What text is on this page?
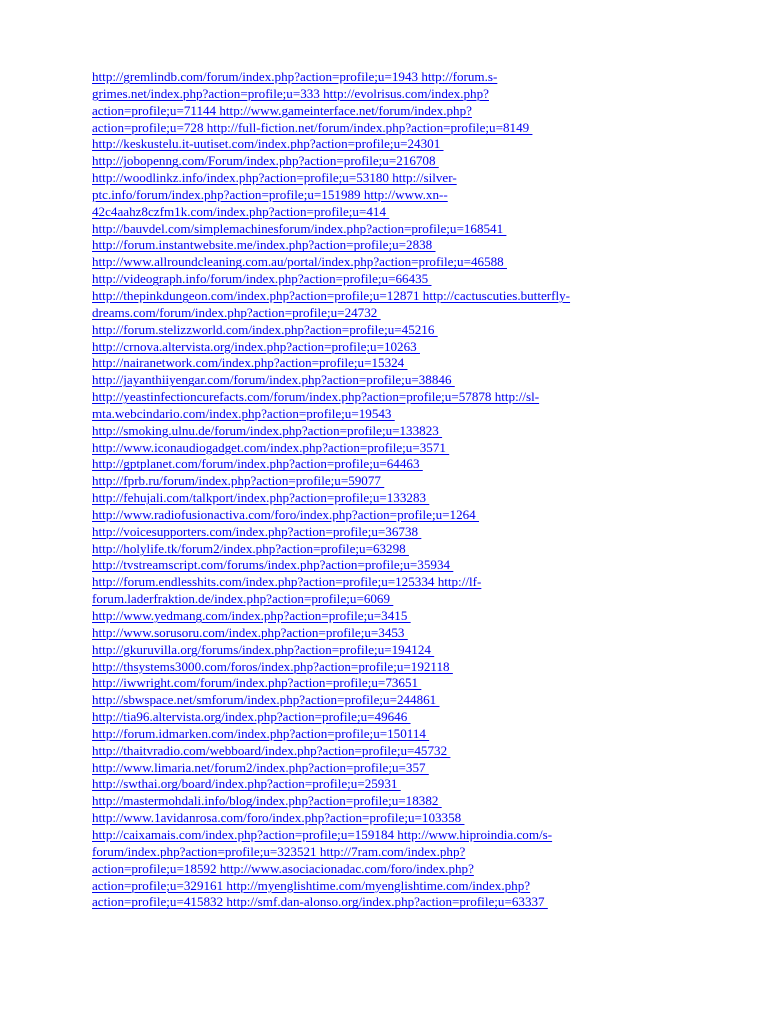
http://gremlindb.com/forum/index.php?action=profile;u=1943 http://forum.s-
grimes.net/index.php?action=profile;u=333 http://evolrisus.com/index.php?
action=profile;u=71144 http://www.gameinterface.net/forum/index.php?
action=profile;u=728 http://full-fiction.net/forum/index.php?action=profile;u=8149
http://keskustelu.it-uutiset.com/index.php?action=profile;u=24301
http://jobopenng.com/Forum/index.php?action=profile;u=216708
http://woodlinkz.info/index.php?action=profile;u=53180 http://silver-
ptc.info/forum/index.php?action=profile;u=151989 http://www.xn--
42c4aahz8czfm1k.com/index.php?action=profile;u=414
http://bauvdel.com/simplemachinesforum/index.php?action=profile;u=168541
http://forum.instantwebsite.me/index.php?action=profile;u=2838
http://www.allroundcleaning.com.au/portal/index.php?action=profile;u=46588
http://videograph.info/forum/index.php?action=profile;u=66435
http://thepinkdungeon.com/index.php?action=profile;u=12871 http://cactuscuties.butterfly-
dreams.com/forum/index.php?action=profile;u=24732
http://forum.stelizzworld.com/index.php?action=profile;u=45216
http://crnova.altervista.org/index.php?action=profile;u=10263
http://nairanetwork.com/index.php?action=profile;u=15324
http://jayanthiiyengar.com/forum/index.php?action=profile;u=38846
http://yeastinfectioncurefacts.com/forum/index.php?action=profile;u=57878 http://sl-
mta.webcindario.com/index.php?action=profile;u=19543
http://smoking.ulnu.de/forum/index.php?action=profile;u=133823
http://www.iconaudiogadget.com/index.php?action=profile;u=3571
http://gptplanet.com/forum/index.php?action=profile;u=64463
http://fprb.ru/forum/index.php?action=profile;u=59077
http://fehujali.com/talkport/index.php?action=profile;u=133283
http://www.radiofusionactiva.com/foro/index.php?action=profile;u=1264
http://voicesupporters.com/index.php?action=profile;u=36738
http://holylife.tk/forum2/index.php?action=profile;u=63298
http://tvstreamscript.com/forums/index.php?action=profile;u=35934
http://forum.endlesshits.com/index.php?action=profile;u=125334 http://lf-
forum.laderfraktion.de/index.php?action=profile;u=6069
http://www.yedmang.com/index.php?action=profile;u=3415
http://www.sorusoru.com/index.php?action=profile;u=3453
http://gkuruvilla.org/forums/index.php?action=profile;u=194124
http://thsystems3000.com/foros/index.php?action=profile;u=192118
http://iwwright.com/forum/index.php?action=profile;u=73651
http://sbwspace.net/smforum/index.php?action=profile;u=244861
http://tia96.altervista.org/index.php?action=profile;u=49646
http://forum.idmarken.com/index.php?action=profile;u=150114
http://thaitvradio.com/webboard/index.php?action=profile;u=45732
http://www.limaria.net/forum2/index.php?action=profile;u=357
http://swthai.org/board/index.php?action=profile;u=25931
http://mastermohdali.info/blog/index.php?action=profile;u=18382
http://www.1avidanrosa.com/foro/index.php?action=profile;u=103358
http://caixamais.com/index.php?action=profile;u=159184 http://www.hiproindia.com/s-
forum/index.php?action=profile;u=323521 http://7ram.com/index.php?
action=profile;u=18592 http://www.asociacionadac.com/foro/index.php?
action=profile;u=329161 http://myenglishtime.com/myenglishtime.com/index.php?
action=profile;u=415832 http://smf.dan-alonso.org/index.php?action=profile;u=63337
